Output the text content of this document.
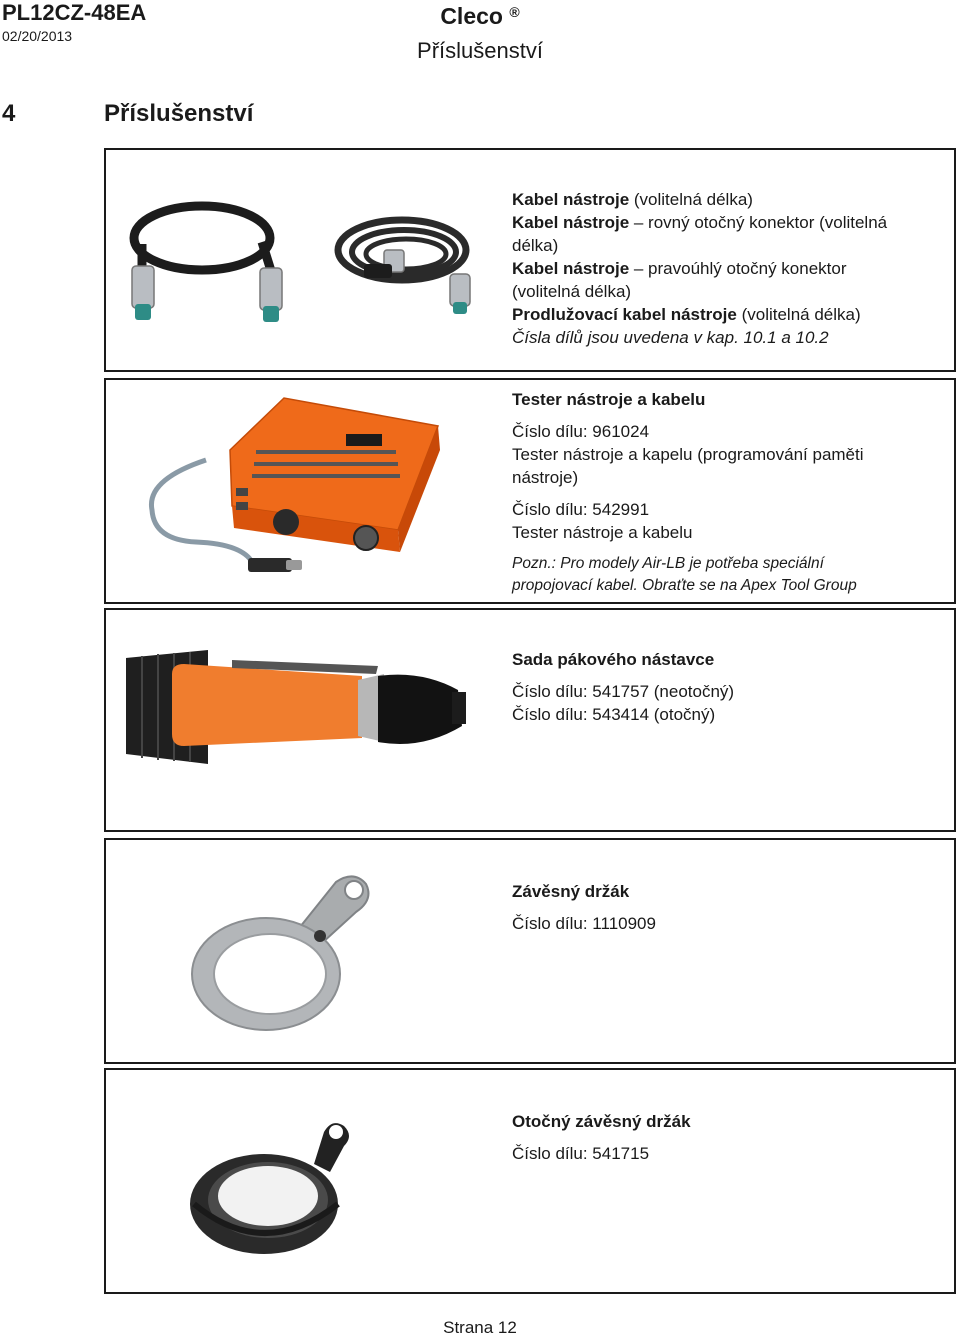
PL12CZ-48EA
02/20/2013
Cleco ®
Příslušenství
4	Příslušenství
Kabel nástroje (volitelná délka)
Kabel nástroje – rovný otočný konektor (volitelná
délka)
Kabel nástroje – pravoúhlý otočný konektor
(volitelná délka)
Prodlužovací kabel nástroje (volitelná délka)
Čísla dílů jsou uvedena v kap. 10.1 a 10.2
Tester nástroje a kabelu
Číslo dílu: 961024
Tester nástroje a kapelu (programování paměti
nástroje)
Číslo dílu: 542991
Tester nástroje a kabelu
Pozn.: Pro modely Air-LB je potřeba speciální
propojovací kabel. Obraťte se na Apex Tool Group
Sada pákového nástavce
Číslo dílu: 541757 (neotočný)
Číslo dílu: 543414 (otočný)
Závěsný držák
Číslo dílu: 1110909
Otočný závěsný držák
Číslo dílu: 541715
Strana 12
